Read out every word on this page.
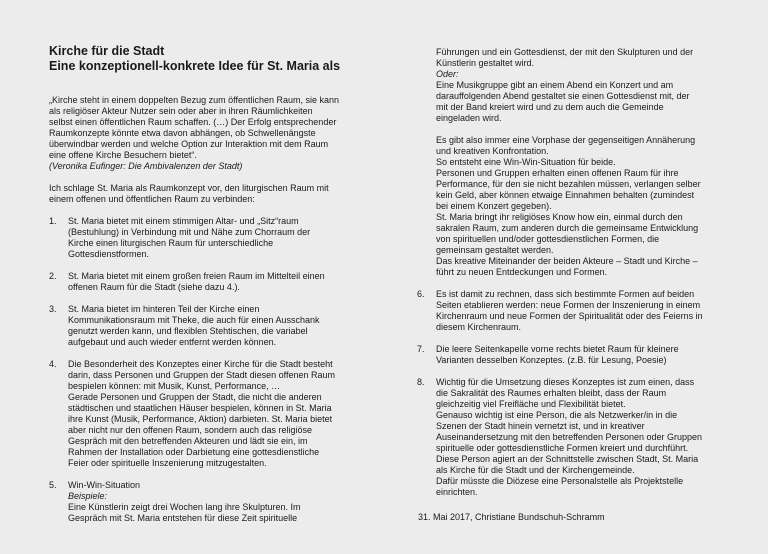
Kirche für die Stadt
Eine konzeptionell-konkrete Idee für St. Maria als

„Kirche steht in einem doppelten Bezug zum öffentlichen Raum, sie kann

als religiöser Akteur Nutzer sein oder aber in ihren Räumlichkeiten

selbst einen öffentlichen Raum schaffen. (…) Der Erfolg entsprechender

Raumkonzepte könnte etwa davon abhängen, ob Schwellenängste

überwindbar werden und welche Option zur Interaktion mit dem Raum

eine offene Kirche Besuchern bietet“.

(Veronika Eufinger: Die Ambivalenzen der Stadt)

Ich schlage St. Maria als Raumkonzept vor, den liturgischen Raum mit

einem offenen und öffentlichen Raum zu verbinden:

1. St. Maria bietet mit einem stimmigen Altar- und „Sitz“raum

(Bestuhlung) in Verbindung mit und Nähe zum Chorraum der

Kirche einen liturgischen Raum für unterschiedliche

Gottesdienstformen.

2. St. Maria bietet mit einem großen freien Raum im Mittelteil einen

offenen Raum für die Stadt (siehe dazu 4.).

3. St. Maria bietet im hinteren Teil der Kirche einen

Kommunikationsraum mit Theke, die auch für einen Ausschank

genutzt werden kann, und flexiblen Stehtischen, die variabel

aufgebaut und auch wieder entfernt werden können.

4. Die Besonderheit des Konzeptes einer Kirche für die Stadt besteht

darin, dass Personen und Gruppen der Stadt diesen offenen Raum

bespielen können: mit Musik, Kunst, Performance, …

Gerade Personen und Gruppen der Stadt, die nicht die anderen

städtischen und staatlichen Häuser bespielen, können in St. Maria

ihre Kunst (Musik, Performance, Aktion) darbieten. St. Maria bietet

aber nicht nur den offenen Raum, sondern auch das religiöse

Gespräch mit den betreffenden Akteuren und lädt sie ein, im

Rahmen der Installation oder Darbietung eine gottesdienstliche

Feier oder spirituelle Inszenierung mitzugestalten.

5. Win-Win-Situation

Beispiele:

Eine Künstlerin zeigt drei Wochen lang ihre Skulpturen. Im

Gespräch mit St. Maria entstehen für diese Zeit spirituelle

Führungen und ein Gottesdienst, der mit den Skulpturen und der

Künstlerin gestaltet wird.

Oder:

Eine Musikgruppe gibt an einem Abend ein Konzert und am

darauffolgenden Abend gestaltet sie einen Gottesdienst mit, der

mit der Band kreiert wird und zu dem auch die Gemeinde

eingeladen wird.

Es gibt also immer eine Vorphase der gegenseitigen Annäherung

und kreativen Konfrontation.

So entsteht eine Win-Win-Situation für beide.

Personen und Gruppen erhalten einen offenen Raum für ihre

Performance, für den sie nicht bezahlen müssen, verlangen selber

kein Geld, aber können etwaige Einnahmen behalten (zumindest

bei einem Konzert gegeben).

St. Maria bringt ihr religiöses Know how ein, einmal durch den

sakralen Raum, zum anderen durch die gemeinsame Entwicklung

von spirituellen und/oder gottesdienstlichen Formen, die

gemeinsam gestaltet werden.

Das kreative Miteinander der beiden Akteure – Stadt und Kirche –

führt zu neuen Entdeckungen und Formen.

6. Es ist damit zu rechnen, dass sich bestimmte Formen auf beiden

Seiten etablieren werden: neue Formen der Inszenierung in einem

Kirchenraum und neue Formen der Spiritualität oder des Feierns in

diesem Kirchenraum.

7. Die leere Seitenkapelle vorne rechts bietet Raum für kleinere

Varianten desselben Konzeptes. (z.B. für Lesung, Poesie)

8. Wichtig für die Umsetzung dieses Konzeptes ist zum einen, dass

die Sakralität des Raumes erhalten bleibt, dass der Raum

gleichzeitig viel Freifläche und Flexibilität bietet.

Genauso wichtig ist eine Person, die als Netzwerker/in in die

Szenen der Stadt hinein vernetzt ist, und in kreativer

Auseinandersetzung mit den betreffenden Personen oder Gruppen

spirituelle oder gottesdienstliche Formen kreiert und durchführt.

Diese Person agiert an der Schnittstelle zwischen Stadt, St. Maria

als Kirche für die Stadt und der Kirchengemeinde.

Dafür müsste die Diözese eine Personalstelle als Projektstelle

einrichten.

31. Mai 2017, Christiane Bundschuh-Schramm
